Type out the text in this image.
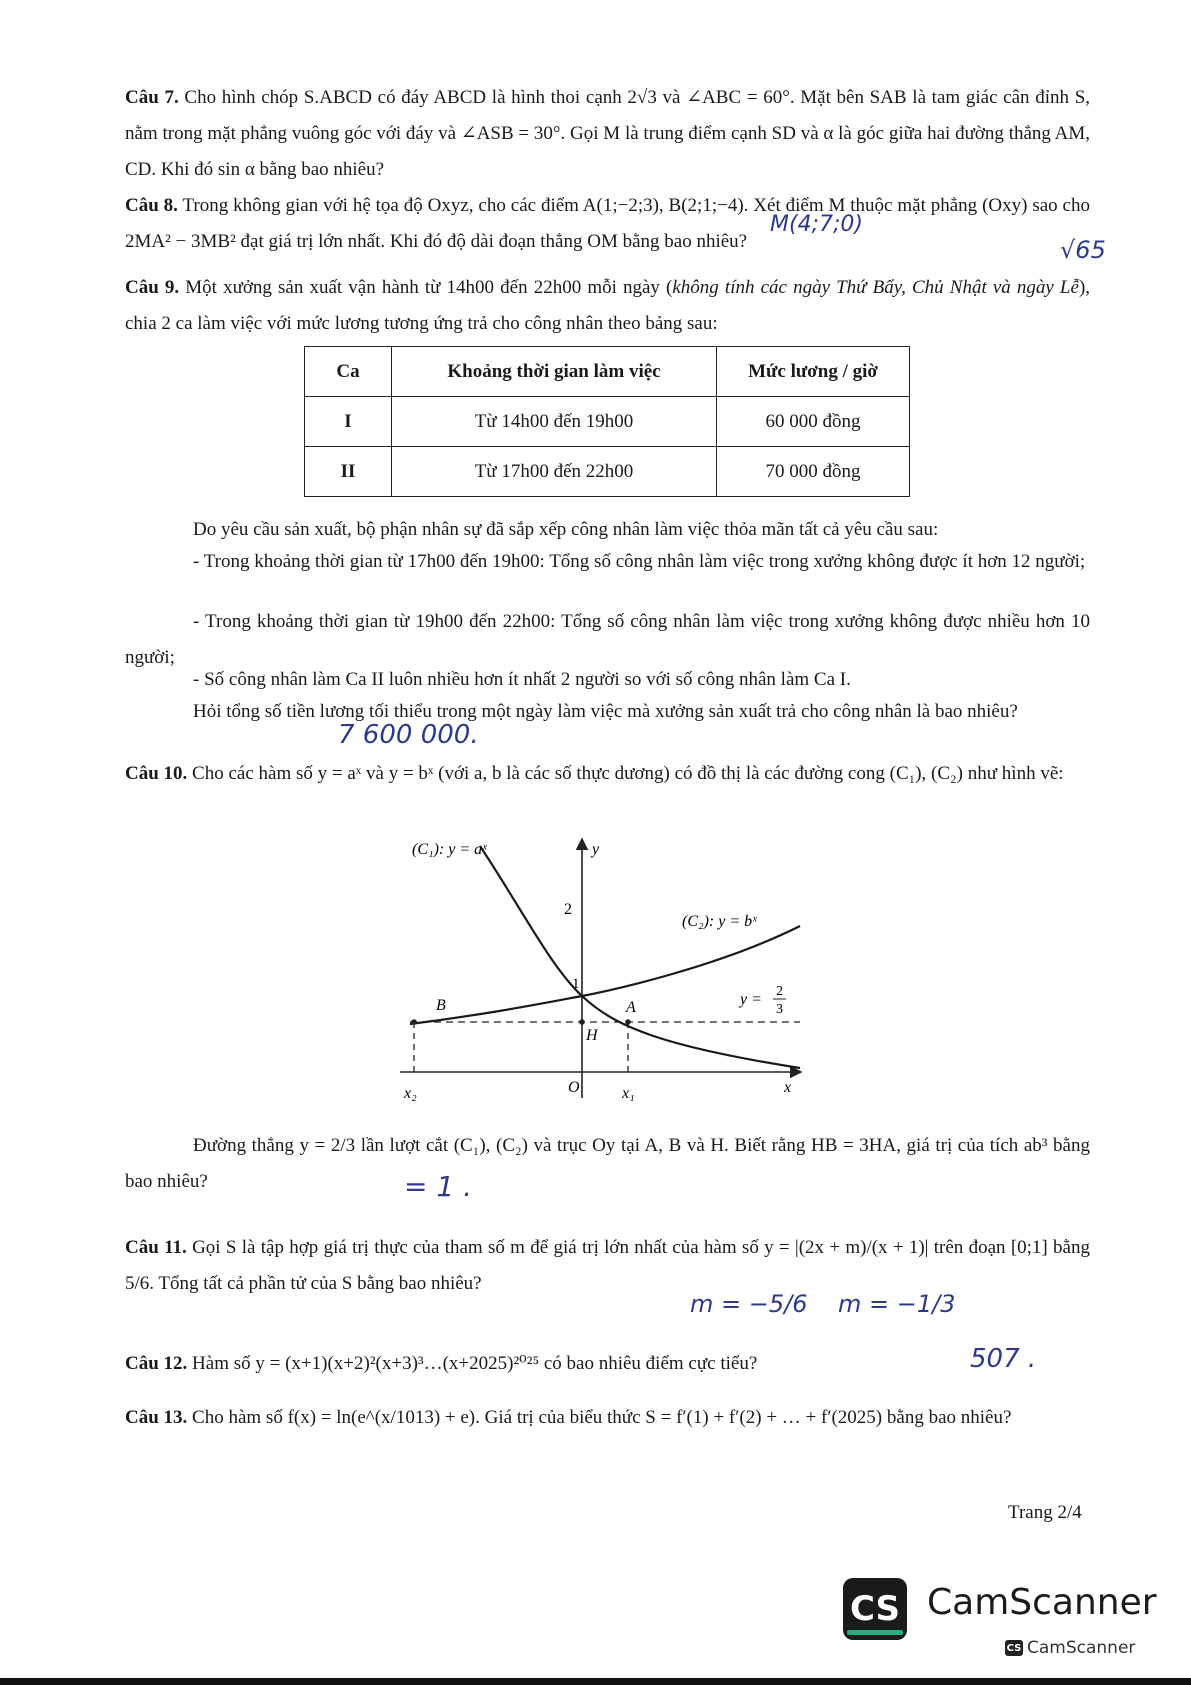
Câu 7. Cho hình chóp S.ABCD có đáy ABCD là hình thoi cạnh 2√3 và ∠ABC = 60°. Mặt bên SAB là tam giác cân đỉnh S, nằm trong mặt phẳng vuông góc với đáy và ∠ASB = 30°. Gọi M là trung điểm cạnh SD và α là góc giữa hai đường thẳng AM, CD. Khi đó sin α bằng bao nhiêu?
Câu 8. Trong không gian với hệ tọa độ Oxyz, cho các điểm A(1;−2;3), B(2;1;−4). Xét điểm M thuộc mặt phẳng (Oxy) sao cho 2MA² − 3MB² đạt giá trị lớn nhất. Khi đó độ dài đoạn thẳng OM bằng bao nhiêu?
M(4;7;0)
√65
Câu 9. Một xưởng sản xuất vận hành từ 14h00 đến 22h00 mỗi ngày (không tính các ngày Thứ Bẩy, Chủ Nhật và ngày Lễ), chia 2 ca làm việc với mức lương tương ứng trả cho công nhân theo bảng sau:
Ca	Khoảng thời gian làm việc	Mức lương / giờ
I	Từ 14h00 đến 19h00	60 000 đồng
II	Từ 17h00 đến 22h00	70 000 đồng
Do yêu cầu sản xuất, bộ phận nhân sự đã sắp xếp công nhân làm việc thỏa mãn tất cả yêu cầu sau:
- Trong khoảng thời gian từ 17h00 đến 19h00: Tổng số công nhân làm việc trong xưởng không được ít hơn 12 người;
- Trong khoảng thời gian từ 19h00 đến 22h00: Tổng số công nhân làm việc trong xưởng không được nhiều hơn 10 người;
- Số công nhân làm Ca II luôn nhiều hơn ít nhất 2 người so với số công nhân làm Ca I.
Hỏi tổng số tiền lương tối thiểu trong một ngày làm việc mà xưởng sản xuất trả cho công nhân là bao nhiêu?
7 600 000.
Câu 10. Cho các hàm số y = aˣ và y = bˣ (với a, b là các số thực dương) có đồ thị là các đường cong (C₁), (C₂) như hình vẽ:
(C₁): y = aˣ	y
2
(C₂): y = bˣ
1
B	A
H
y = 2
3
O
x₂	x₁	x
Đường thẳng y = 2/3 lần lượt cắt (C₁), (C₂) và trục Oy tại A, B và H. Biết rằng HB = 3HA, giá trị của tích ab³ bằng bao nhiêu?	= 1 .
Câu 11. Gọi S là tập hợp giá trị thực của tham số m để giá trị lớn nhất của hàm số y = |(2x + m)/(x + 1)| trên đoạn [0;1] bằng 5/6. Tổng tất cả phần tử của S bằng bao nhiêu?
m = −5/6 m = −1/3
Câu 12. Hàm số y = (x+1)(x+2)²(x+3)³…(x+2025)²⁰²⁵ có bao nhiêu điểm cực tiểu?	507 .
Câu 13. Cho hàm số f(x) = ln(e^(x/1013) + e). Giá trị của biểu thức S = f′(1) + f′(2) + … + f′(2025) bằng bao nhiêu?
Trang 2/4
CS CamScanner
CS CamScanner
